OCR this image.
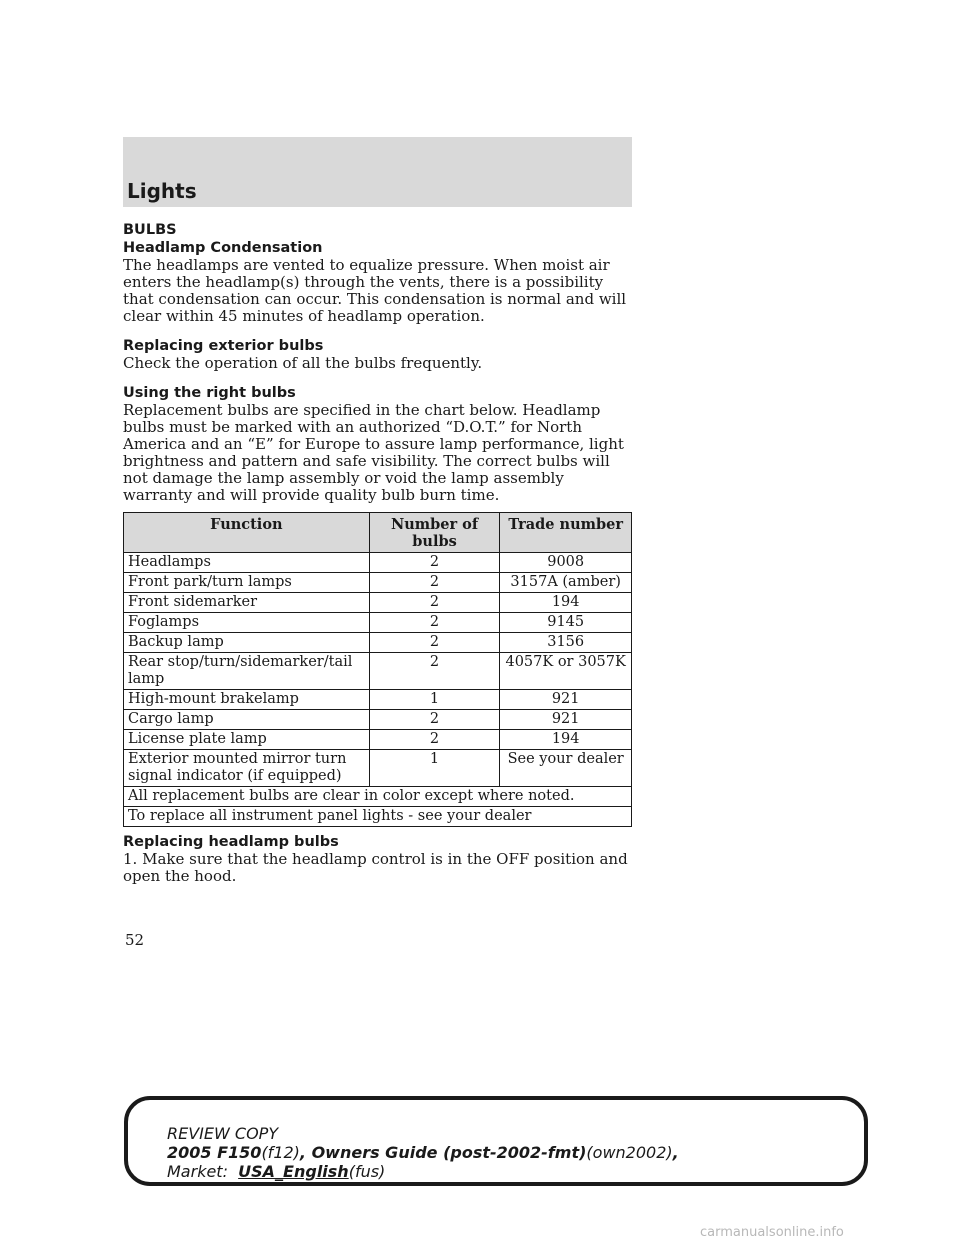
Lights

BULBS

Headlamp Condensation

The headlamps are vented to equalize pressure. When moist air enters the headlamp(s) through the vents, there is a possibility that condensation can occur. This condensation is normal and will clear within 45 minutes of headlamp operation.

Replacing exterior bulbs

Check the operation of all the bulbs frequently.

Using the right bulbs

Replacement bulbs are specified in the chart below. Headlamp bulbs must be marked with an authorized “D.O.T.” for North America and an “E” for Europe to assure lamp performance, light brightness and pattern and safe visibility. The correct bulbs will not damage the lamp assembly or void the lamp assembly warranty and will provide quality bulb burn time.

Function	Number of bulbs	Trade number
Headlamps	2	9008
Front park/turn lamps	2	3157A (amber)
Front sidemarker	2	194
Foglamps	2	9145
Backup lamp	2	3156
Rear stop/turn/sidemarker/tail lamp	2	4057K or 3057K
High-mount brakelamp	1	921
Cargo lamp	2	921
License plate lamp	2	194
Exterior mounted mirror turn signal indicator (if equipped)	1	See your dealer
All replacement bulbs are clear in color except where noted.		
To replace all instrument panel lights - see your dealer		

Replacing headlamp bulbs

1. Make sure that the headlamp control is in the OFF position and open the hood.

52
REVIEW COPY
2005 F150(f12), Owners Guide (post-2002-fmt)(own2002),
Market: USA_English(fus)
carmanualsonline.info
